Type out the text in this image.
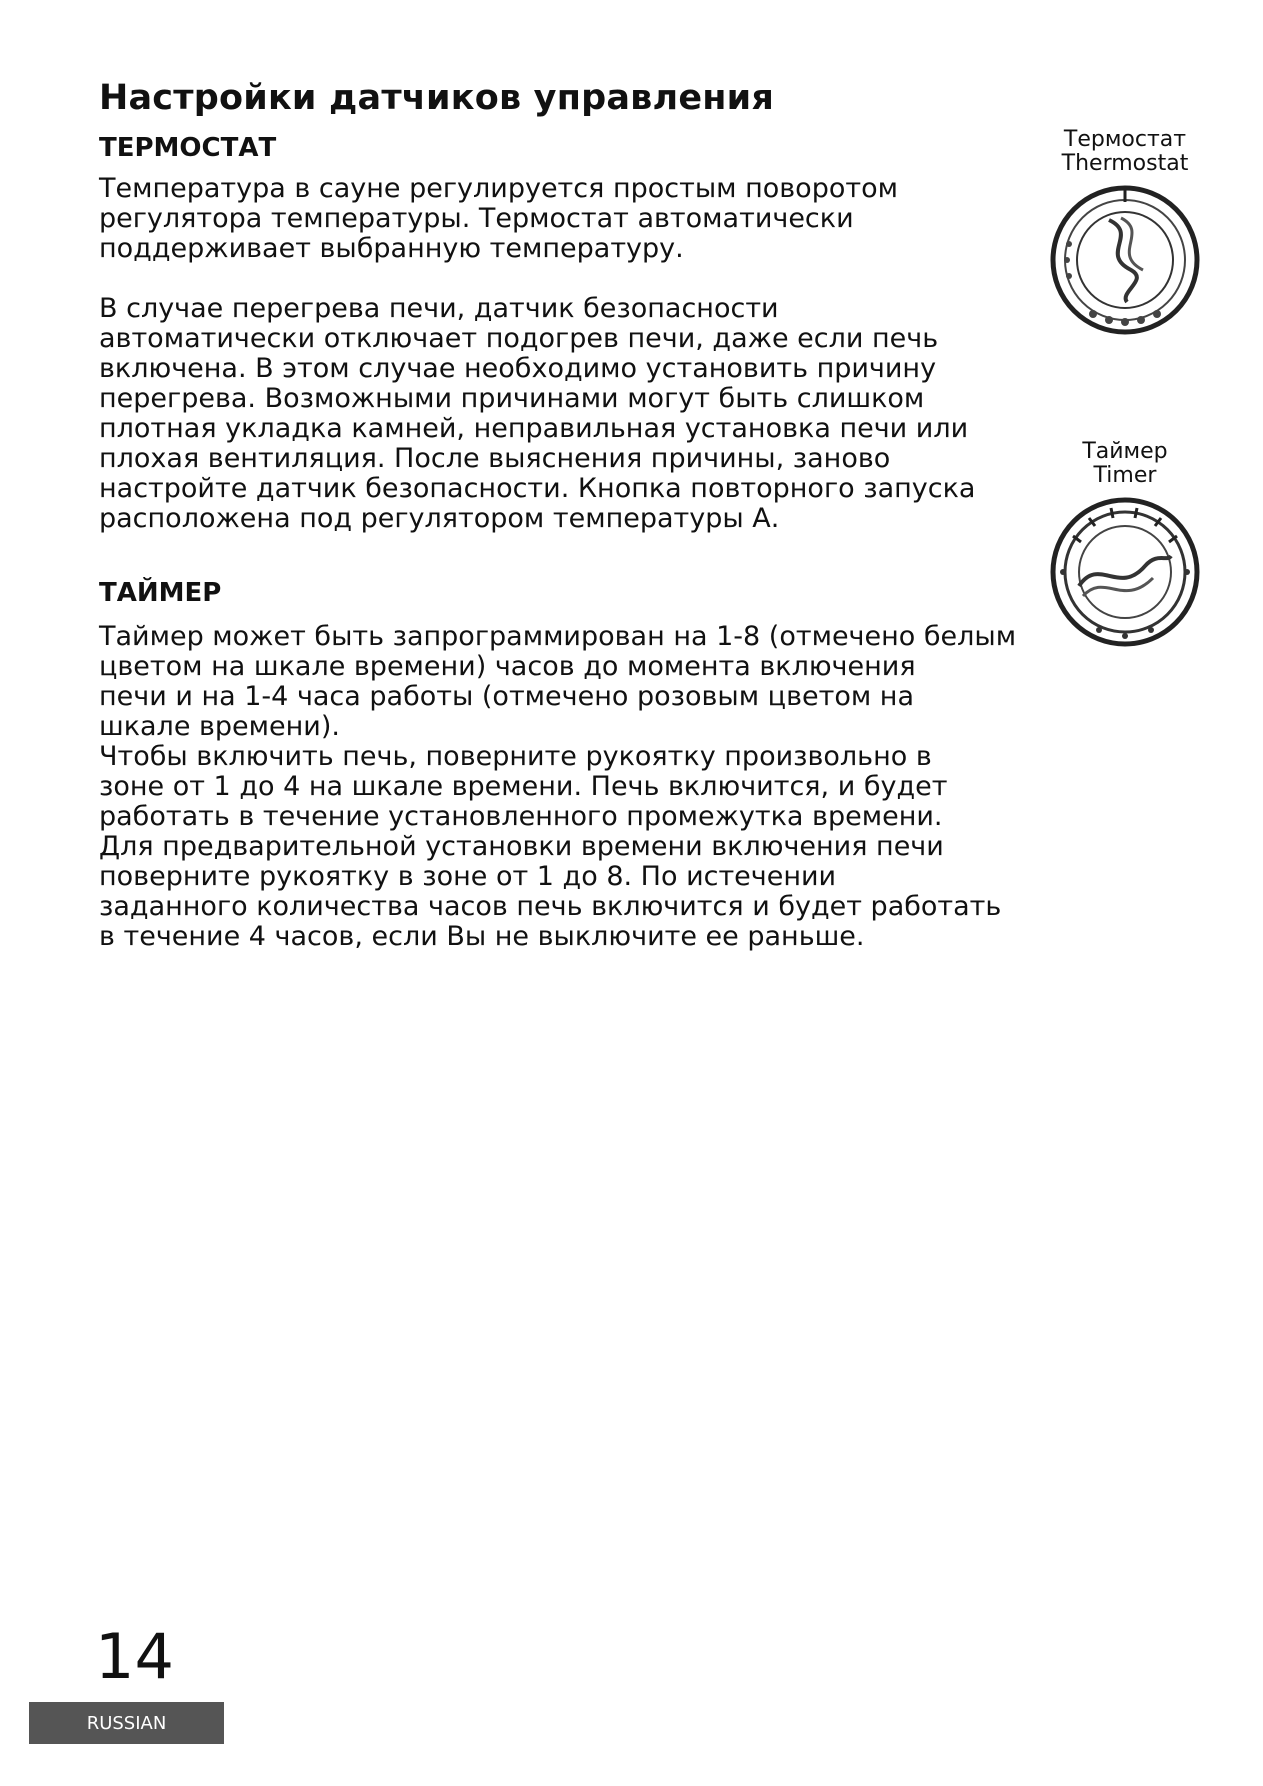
Настройки датчиков управления
ТЕРМОСТАТ

Температура в сауне регулируется простым поворотом
регулятора температуры. Термостат автоматически
поддерживает выбранную температуру.

В случае перегрева печи, датчик безопасности
автоматически отключает подогрев печи, даже если печь
включена. В этом случае необходимо установить причину
перегрева. Возможными причинами могут быть слишком
плотная укладка камней, неправильная установка печи или
плохая вентиляция. После выяснения причины, заново
настройте датчик безопасности. Кнопка повторного запуска
расположена под регулятором температуры А.

ТАЙМЕР

Таймер может быть запрограммирован на 1-8 (отмечено белым
цветом на шкале времени) часов до момента включения
печи и на 1-4 часа работы (отмечено розовым цветом на
шкале времени).
Чтобы включить печь, поверните рукоятку произвольно в
зоне от 1 до 4 на шкале времени. Печь включится, и будет
работать в течение установленного промежутка времени.
Для предварительной установки времени включения печи
поверните рукоятку в зоне от 1 до 8. По истечении
заданного количества часов печь включится и будет работать
в течение 4 часов, если Вы не выключите ее раньше.

Термостат
Thermostat

Таймер
Timer

14
RUSSIAN
